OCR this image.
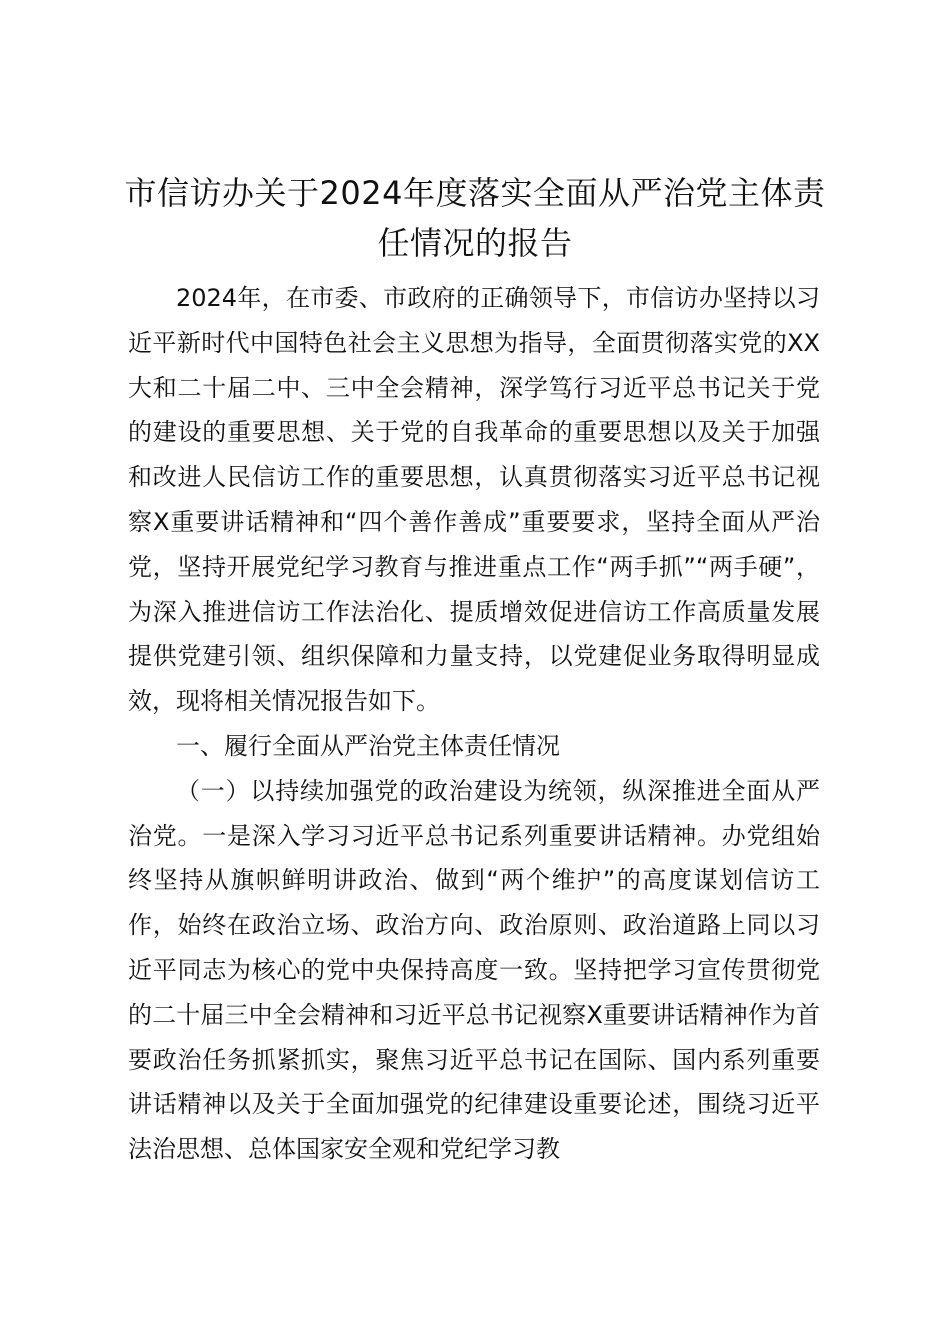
市信访办关于2024年度落实全面从严治党主体责任情况的报告

2024年，在市委、市政府的正确领导下，市信访办坚持以习近平新时代中国特色社会主义思想为指导，全面贯彻落实党的XX大和二十届二中、三中全会精神，深学笃行习近平总书记关于党的建设的重要思想、关于党的自我革命的重要思想以及关于加强和改进人民信访工作的重要思想，认真贯彻落实习近平总书记视察X重要讲话精神和“四个善作善成”重要要求，坚持全面从严治党，坚持开展党纪学习教育与推进重点工作“两手抓”“两手硬”，为深入推进信访工作法治化、提质增效促进信访工作高质量发展提供党建引领、组织保障和力量支持，以党建促业务取得明显成效，现将相关情况报告如下。

一、履行全面从严治党主体责任情况

（一）以持续加强党的政治建设为统领，纵深推进全面从严治党。一是深入学习习近平总书记系列重要讲话精神。办党组始终坚持从旗帜鲜明讲政治、做到“两个维护”的高度谋划信访工作，始终在政治立场、政治方向、政治原则、政治道路上同以习近平同志为核心的党中央保持高度一致。坚持把学习宣传贯彻党的二十届三中全会精神和习近平总书记视察X重要讲话精神作为首要政治任务抓紧抓实，聚焦习近平总书记在国际、国内系列重要讲话精神以及关于全面加强党的纪律建设重要论述，围绕习近平法治思想、总体国家安全观和党纪学习教
